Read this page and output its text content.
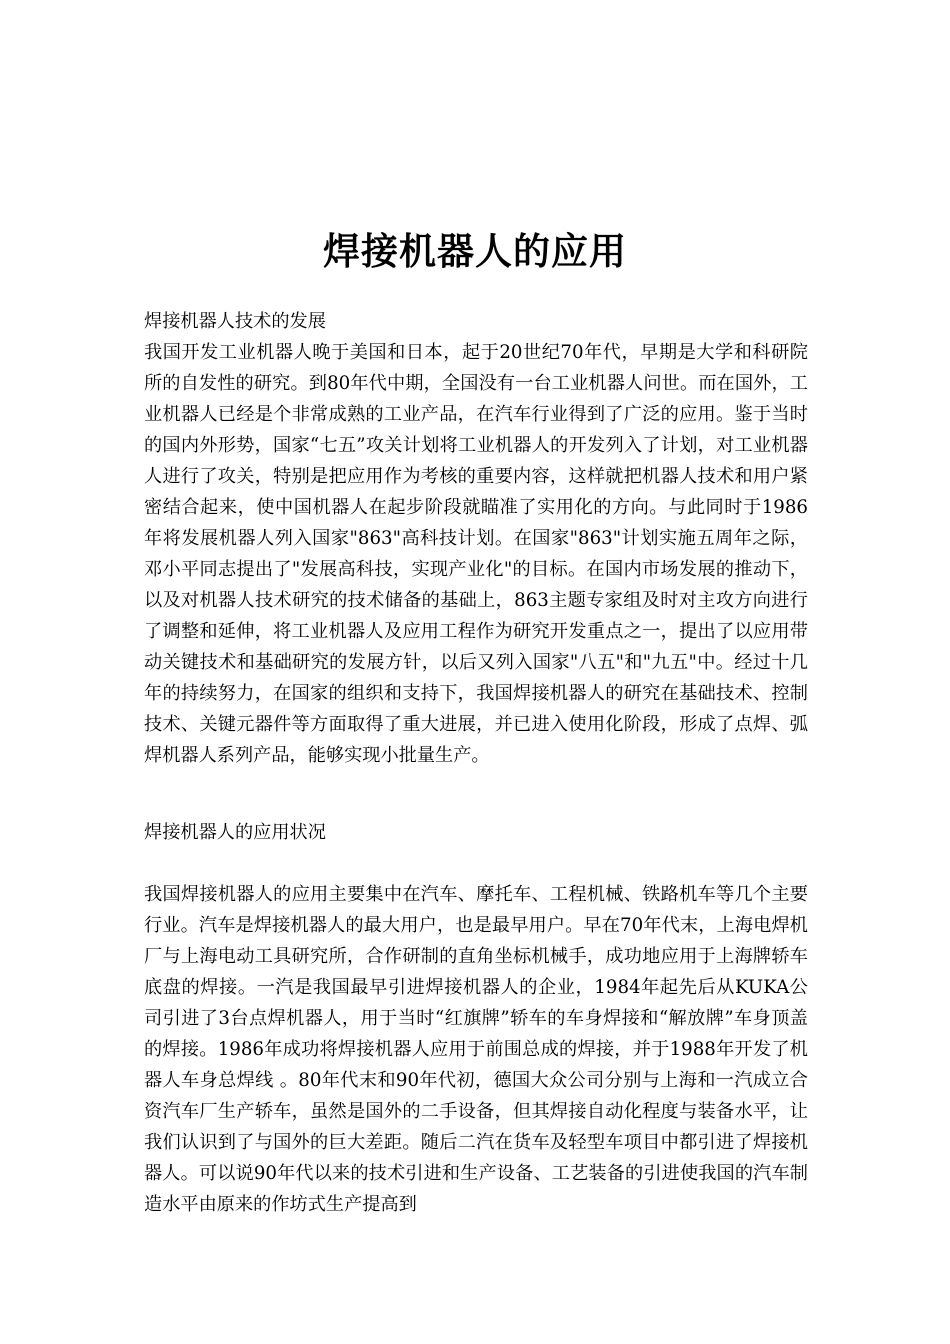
焊接机器人的应用
焊接机器人技术的发展
我国开发工业机器人晚于美国和日本，起于20世纪70年代，早期是大学和科研院所的自发性的研究。到80年代中期，全国没有一台工业机器人问世。而在国外，工业机器人已经是个非常成熟的工业产品，在汽车行业得到了广泛的应用。鉴于当时的国内外形势，国家“七五”攻关计划将工业机器人的开发列入了计划，对工业机器人进行了攻关，特别是把应用作为考核的重要内容，这样就把机器人技术和用户紧密结合起来，使中国机器人在起步阶段就瞄准了实用化的方向。与此同时于1986年将发展机器人列入国家"863"高科技计划。在国家"863"计划实施五周年之际，邓小平同志提出了"发展高科技，实现产业化"的目标。在国内市场发展的推动下，以及对机器人技术研究的技术储备的基础上，863主题专家组及时对主攻方向进行了调整和延伸，将工业机器人及应用工程作为研究开发重点之一，提出了以应用带动关键技术和基础研究的发展方针，以后又列入国家"八五"和"九五"中。经过十几年的持续努力，在国家的组织和支持下，我国焊接机器人的研究在基础技术、控制技术、关键元器件等方面取得了重大进展，并已进入使用化阶段，形成了点焊、弧焊机器人系列产品，能够实现小批量生产。
焊接机器人的应用状况
我国焊接机器人的应用主要集中在汽车、摩托车、工程机械、铁路机车等几个主要行业。汽车是焊接机器人的最大用户，也是最早用户。早在70年代末，上海电焊机厂与上海电动工具研究所，合作研制的直角坐标机械手，成功地应用于上海牌轿车底盘的焊接。一汽是我国最早引进焊接机器人的企业，1984年起先后从KUKA公司引进了3台点焊机器人，用于当时“红旗牌”轿车的车身焊接和“解放牌”车身顶盖的焊接。1986年成功将焊接机器人应用于前围总成的焊接，并于1988年开发了机器人车身总焊线 。80年代末和90年代初，德国大众公司分别与上海和一汽成立合资汽车厂生产轿车，虽然是国外的二手设备，但其焊接自动化程度与装备水平，让我们认识到了与国外的巨大差距。随后二汽在货车及轻型车项目中都引进了焊接机器人。可以说90年代以来的技术引进和生产设备、工艺装备的引进使我国的汽车制造水平由原来的作坊式生产提高到
